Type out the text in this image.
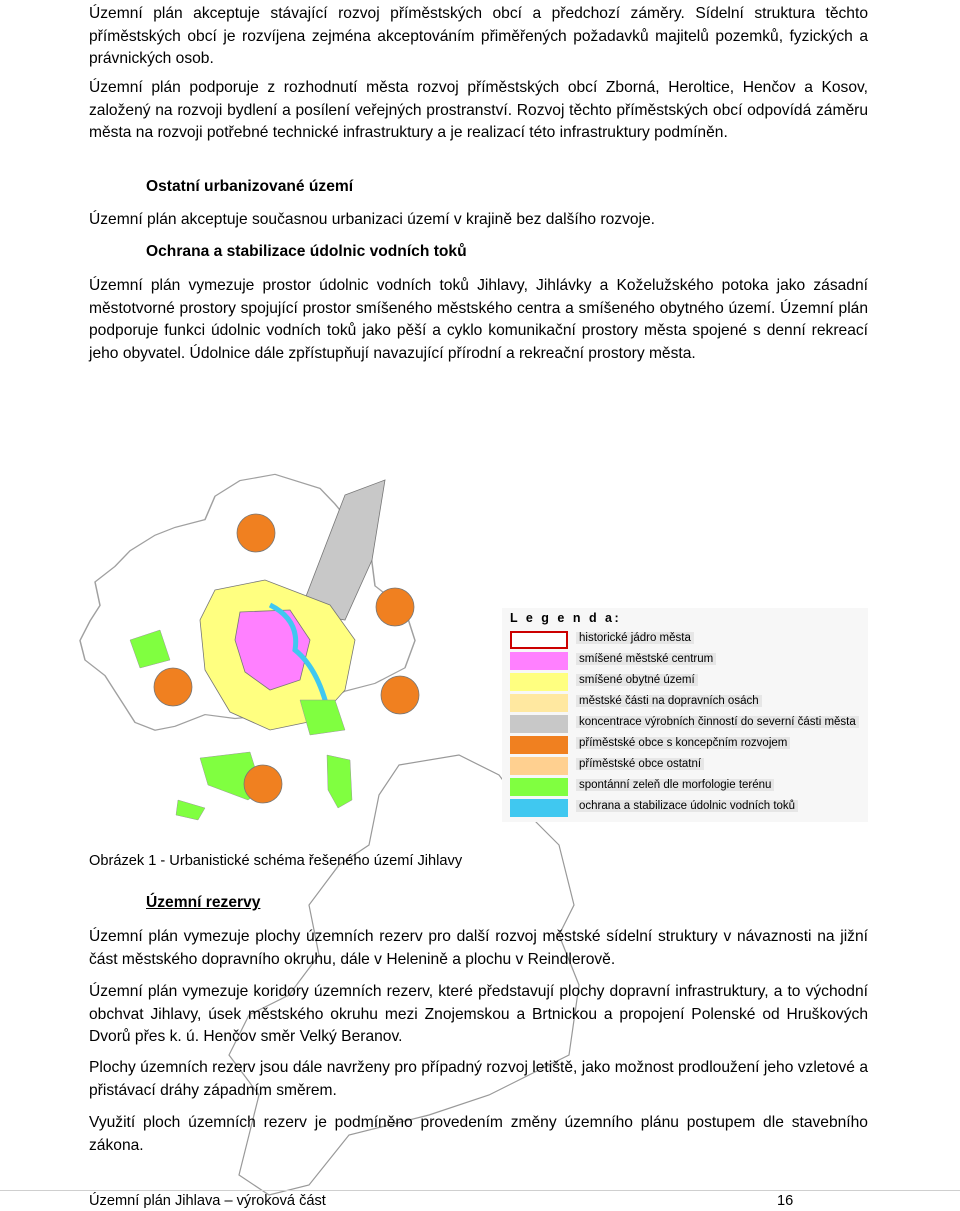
Územní plán akceptuje stávající rozvoj příměstských obcí a předchozí záměry. Sídelní struktura těchto příměstských obcí je rozvíjena zejména akceptováním přiměřených požadavků majitelů pozemků, fyzických a právnických osob.

Územní plán podporuje z rozhodnutí města rozvoj příměstských obcí Zborná, Heroltice, Henčov a Kosov, založený na rozvoji bydlení a posílení veřejných prostranství. Rozvoj těchto příměstských obcí odpovídá záměru města na rozvoji potřebné technické infrastruktury a je realizací této infrastruktury podmíněn.

Ostatní urbanizované území

Územní plán akceptuje současnou urbanizaci území v krajině bez dalšího rozvoje.

Ochrana a stabilizace údolnic vodních toků

Územní plán vymezuje prostor údolnic vodních toků Jihlavy, Jihlávky a Koželužského potoka jako zásadní městotvorné prostory spojující prostor smíšeného městského centra a smíšeného obytného území. Územní plán podporuje funkci údolnic vodních toků jako pěší a cyklo komunikační prostory města spojené s denní rekreací jeho obyvatel. Údolnice dále zpřístupňují navazující přírodní a rekreační prostory města.

L e g e n d a:
historické jádro města
smíšené městské centrum
smíšené obytné území
městské části na dopravních osách
koncentrace výrobních činností do severní části města
příměstské obce s koncepčním rozvojem
příměstské obce ostatní
spontánní zeleň dle morfologie terénu
ochrana a stabilizace údolnic vodních toků

Obrázek 1 - Urbanistické schéma řešeného území Jihlavy

Územní rezervy

Územní plán vymezuje plochy územních rezerv pro další rozvoj městské sídelní struktury v návaznosti na jižní část městského dopravního okruhu, dále v Helenině a plochu v Reindlerově.

Územní plán vymezuje koridory územních rezerv, které představují plochy dopravní infrastruktury, a to východní obchvat Jihlavy, úsek městského okruhu mezi Znojemskou a Brtnickou a propojení Polenské od Hruškových Dvorů přes k. ú. Henčov směr Velký Beranov.

Plochy územních rezerv jsou dále navrženy pro případný rozvoj letiště, jako možnost prodloužení jeho vzletové a přistávací dráhy západním směrem.

Využití ploch územních rezerv je podmíněno provedením změny územního plánu postupem dle stavebního zákona.

Územní plán Jihlava – výroková část	16
